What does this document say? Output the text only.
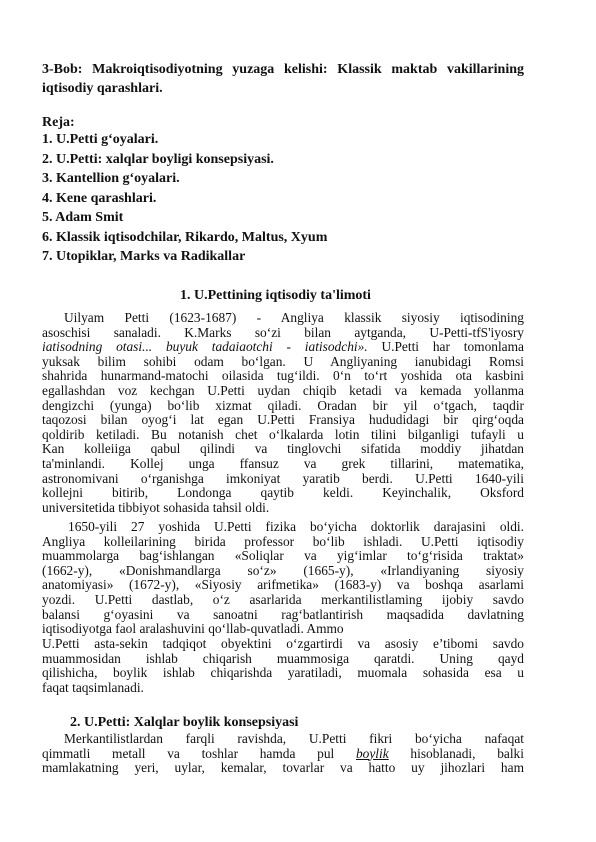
3-Bob: Makroiqtisodiyotning yuzaga kelishi: Klassik maktab vakillarining iqtisodiy qarashlari.
Reja:
1. U.Petti g‘oyalari.
2. U.Petti: xalqlar boyligi konsepsiyasi.
3. Kantellion g‘oyalari.
4. Kene qarashlari.
5. Adam Smit
6. Klassik iqtisodchilar, Rikardo, Maltus, Xyum
7. Utopiklar, Marks va Radikallar
1. U.Pettining iqtisodiy ta'limoti
Uilyam Petti (1623-1687) - Angliya klassik siyosiy iqtisodining
asoschisi sanaladi. K.Marks so‘zi bilan aytganda, U-Petti-tfS'iyosry
iatisodning otasi... buyuk tadaiaotchi - iatisodchi». U.Petti har tomonlama
yuksak bilim sohibi odam bo‘lgan. U Angliyaning ianubidagi Romsi
shahrida hunarmand-matochi oilasida tug‘ildi. 0‘n to‘rt yoshida ota kasbini
egallashdan voz kechgan U.Petti uydan chiqib ketadi va kemada yollanma
dengizchi (yunga) bo‘lib xizmat qiladi. Oradan bir yil o‘tgach, taqdir
taqozosi bilan oyog‘i lat egan U.Petti Fransiya hududidagi bir qirg‘oqda
qoldirib ketiladi. Bu notanish chet o‘lkalarda lotin tilini bilganligi tufayli u
Kan kolleiiga qabul qilindi va tinglovchi sifatida moddiy jihatdan
ta'minlandi. Kollej unga ffansuz va grek tillarini, matematika,
astronomivani o‘rganishga imkoniyat yaratib berdi. U.Petti 1640-yili
kollejni bitirib, Londonga qaytib keldi. Keyinchalik, Oksford
universitetida tibbiyot sohasida tahsil oldi.
1650-yili 27 yoshida U.Petti fizika bo‘yicha doktorlik darajasini oldi.
Angliya kolleilarining birida professor bo‘lib ishladi. U.Petti iqtisodiy
muammolarga bag‘ishlangan «Soliqlar va yig‘imlar to‘g‘risida traktat»
(1662-y), «Donishmandlarga so‘z» (1665-y), «Irlandiyaning siyosiy
anatomiyasi» (1672-y), «Siyosiy arifmetika» (1683-y) va boshqa asarlami
yozdi. U.Petti dastlab, o‘z asarlarida merkantilistlaming ijobiy savdo
balansi g‘oyasini va sanoatni rag‘batlantirish maqsadida davlatning
iqtisodiyotga faol aralashuvini qo‘llab-quvatladi. Ammo
U.Petti asta-sekin tadqiqot obyektini o‘zgartirdi va asosiy e’tibomi savdo
muammosidan ishlab chiqarish muammosiga qaratdi. Uning qayd
qilishicha, boylik ishlab chiqarishda yaratiladi, muomala sohasida esa u
faqat taqsimlanadi.
2. U.Petti: Xalqlar boylik konsepsiyasi
Merkantilistlardan farqli ravishda, U.Petti fikri bo‘yicha nafaqat
qimmatli metall va toshlar hamda pul boylik hisoblanadi, balki
mamlakatning yeri, uylar, kemalar, tovarlar va hatto uy jihozlari ham
